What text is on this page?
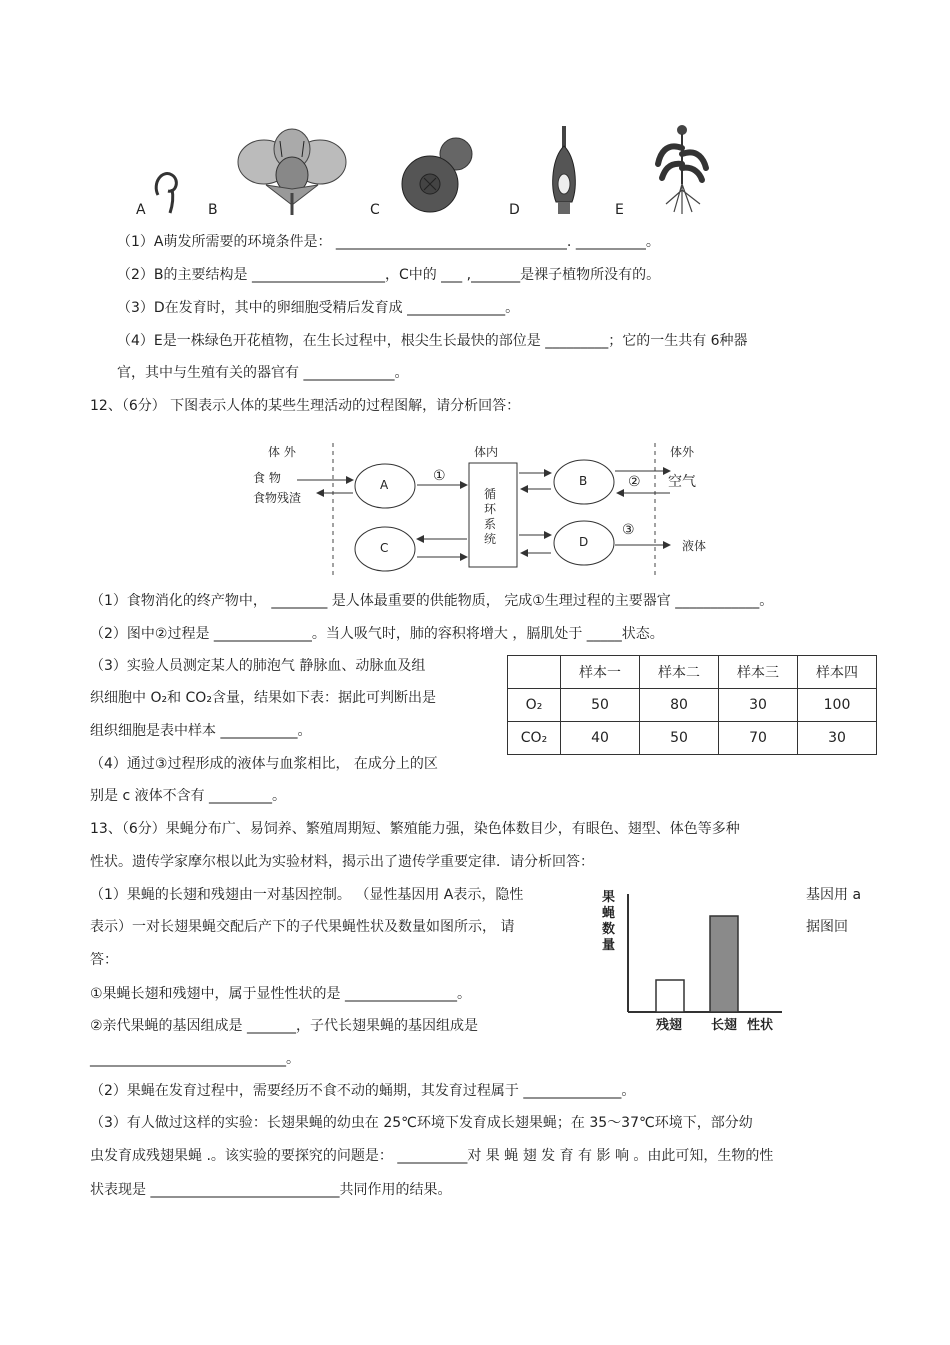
A	B	C	D	E
（1）A萌发所需要的环境条件是： _________________________________. __________。
（2）B的主要结构是 ___________________，C中的 ___ ,_______是裸子植物所没有的。
（3）D在发育时，其中的卵细胞受精后发育成 ______________。
（4）E是一株绿色开花植物，在生长过程中，根尖生长最快的部位是 _________；它的一生共有 6种器
官，其中与生殖有关的器官有 _____________。
12、（6分） 下图表示人体的某些生理活动的过程图解，请分析回答：
体 外
食 物
食物残渣
体内	体外
A
C
B
D
循
环
系
统
①	②
③
空气
液体
（1）食物消化的终产物中， ________ 是人体最重要的供能物质， 完成①生理过程的主要器官 ____________。
（2）图中②过程是 ______________。当人吸气时，肺的容积将增大 ，膈肌处于 _____状态。
（3）实验人员测定某人的肺泡气 静脉血、动脉血及组
织细胞中 O₂和 CO₂含量，结果如下表：据此可判断出是
组织细胞是表中样本 ___________。
（4）通过③过程形成的液体与血浆相比， 在成分上的区
别是 c 液体不含有 _________。
	样本一	样本二	样本三	样本四
O₂	50	80	30	100
CO₂	40	50	70	30
13、（6分）果蝇分布广、易饲养、繁殖周期短、繁殖能力强，染色体数目少，有眼色、翅型、体色等多种
性状。遗传学家摩尔根以此为实验材料，揭示出了遗传学重要定律．请分析回答：
（1）果蝇的长翅和残翅由一对基因控制。 （显性基因用 A表示，隐性	基因用 a
表示）一对长翅果蝇交配后产下的子代果蝇性状及数量如图所示， 请	据图回
答：
①果蝇长翅和残翅中，属于显性性状的是 ________________。
②亲代果蝇的基因组成是 _______，子代长翅果蝇的基因组成是
____________________________。
（2）果蝇在发育过程中，需要经历不食不动的蛹期，其发育过程属于 ______________。
（3）有人做过这样的实验：长翅果蝇的幼虫在 25℃环境下发育成长翅果蝇；在 35～37℃环境下，部分幼
虫发育成残翅果蝇 .。该实验的要探究的问题是： __________对 果 蝇 翅 发 育 有 影 响 。由此可知，生物的性
状表现是 ___________________________共同作用的结果。
果蝇数量
残翅 长翅 性状
